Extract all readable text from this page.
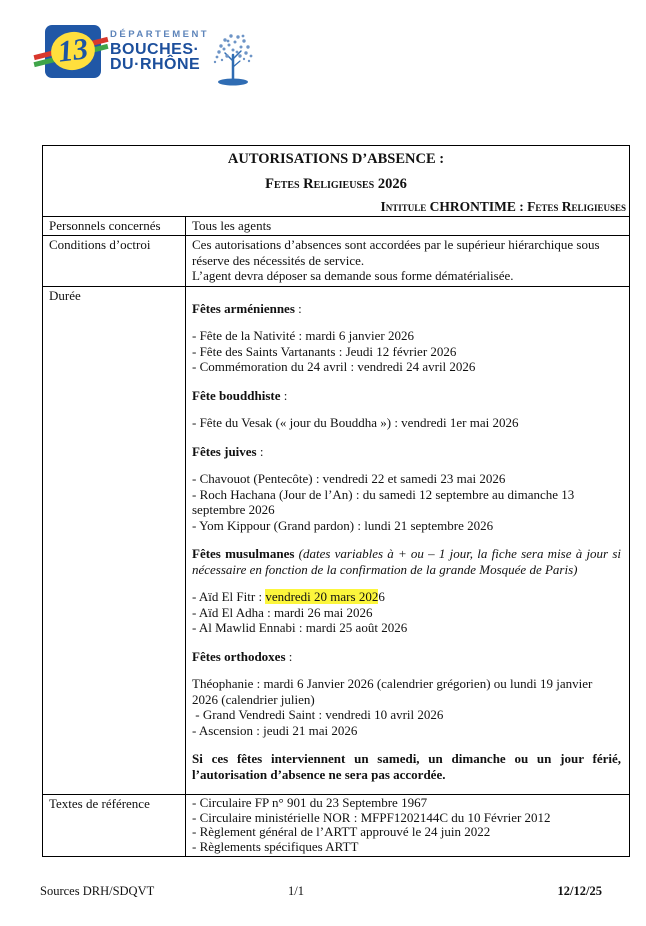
13 DÉPARTEMENT
BOUCHES·
DU·RHÔNE
AUTORISATIONS D’ABSENCE :
Fetes Religieuses 2026
Intitule CHRONTIME : Fetes Religieuses
Personnels concernés	Tous les agents
Conditions d’octroi	Ces autorisations d’absences sont accordées par le supérieur hiérarchique sous réserve des nécessités de service.
L’agent devra déposer sa demande sous forme dématérialisée.
Durée
Fêtes arméniennes :
- Fête de la Nativité : mardi 6 janvier 2026
- Fête des Saints Vartanants : Jeudi 12 février 2026
- Commémoration du 24 avril : vendredi 24 avril 2026
Fête bouddhiste :
- Fête du Vesak (« jour du Bouddha ») : vendredi 1er mai 2026
Fêtes juives :
- Chavouot (Pentecôte) : vendredi 22 et samedi 23 mai 2026
- Roch Hachana (Jour de l’An) : du samedi 12 septembre au dimanche 13 septembre 2026
- Yom Kippour (Grand pardon) : lundi 21 septembre 2026
Fêtes musulmanes (dates variables à + ou – 1 jour, la fiche sera mise à jour si nécessaire en fonction de la confirmation de la grande Mosquée de Paris)
- Aïd El Fitr : vendredi 20 mars 2026
- Aïd El Adha : mardi 26 mai 2026
- Al Mawlid Ennabi : mardi 25 août 2026
Fêtes orthodoxes :
Théophanie : mardi 6 Janvier 2026 (calendrier grégorien) ou lundi 19 janvier 2026 (calendrier julien)
- Grand Vendredi Saint : vendredi 10 avril 2026
- Ascension : jeudi 21 mai 2026
Si ces fêtes interviennent un samedi, un dimanche ou un jour férié, l’autorisation d’absence ne sera pas accordée.
Textes de référence	- Circulaire FP n° 901 du 23 Septembre 1967
- Circulaire ministérielle NOR : MFPF1202144C du 10 Février 2012
- Règlement général de l’ARTT approuvé le 24 juin 2022
- Règlements spécifiques ARTT
Sources DRH/SDQVT	1/1	12/12/25
